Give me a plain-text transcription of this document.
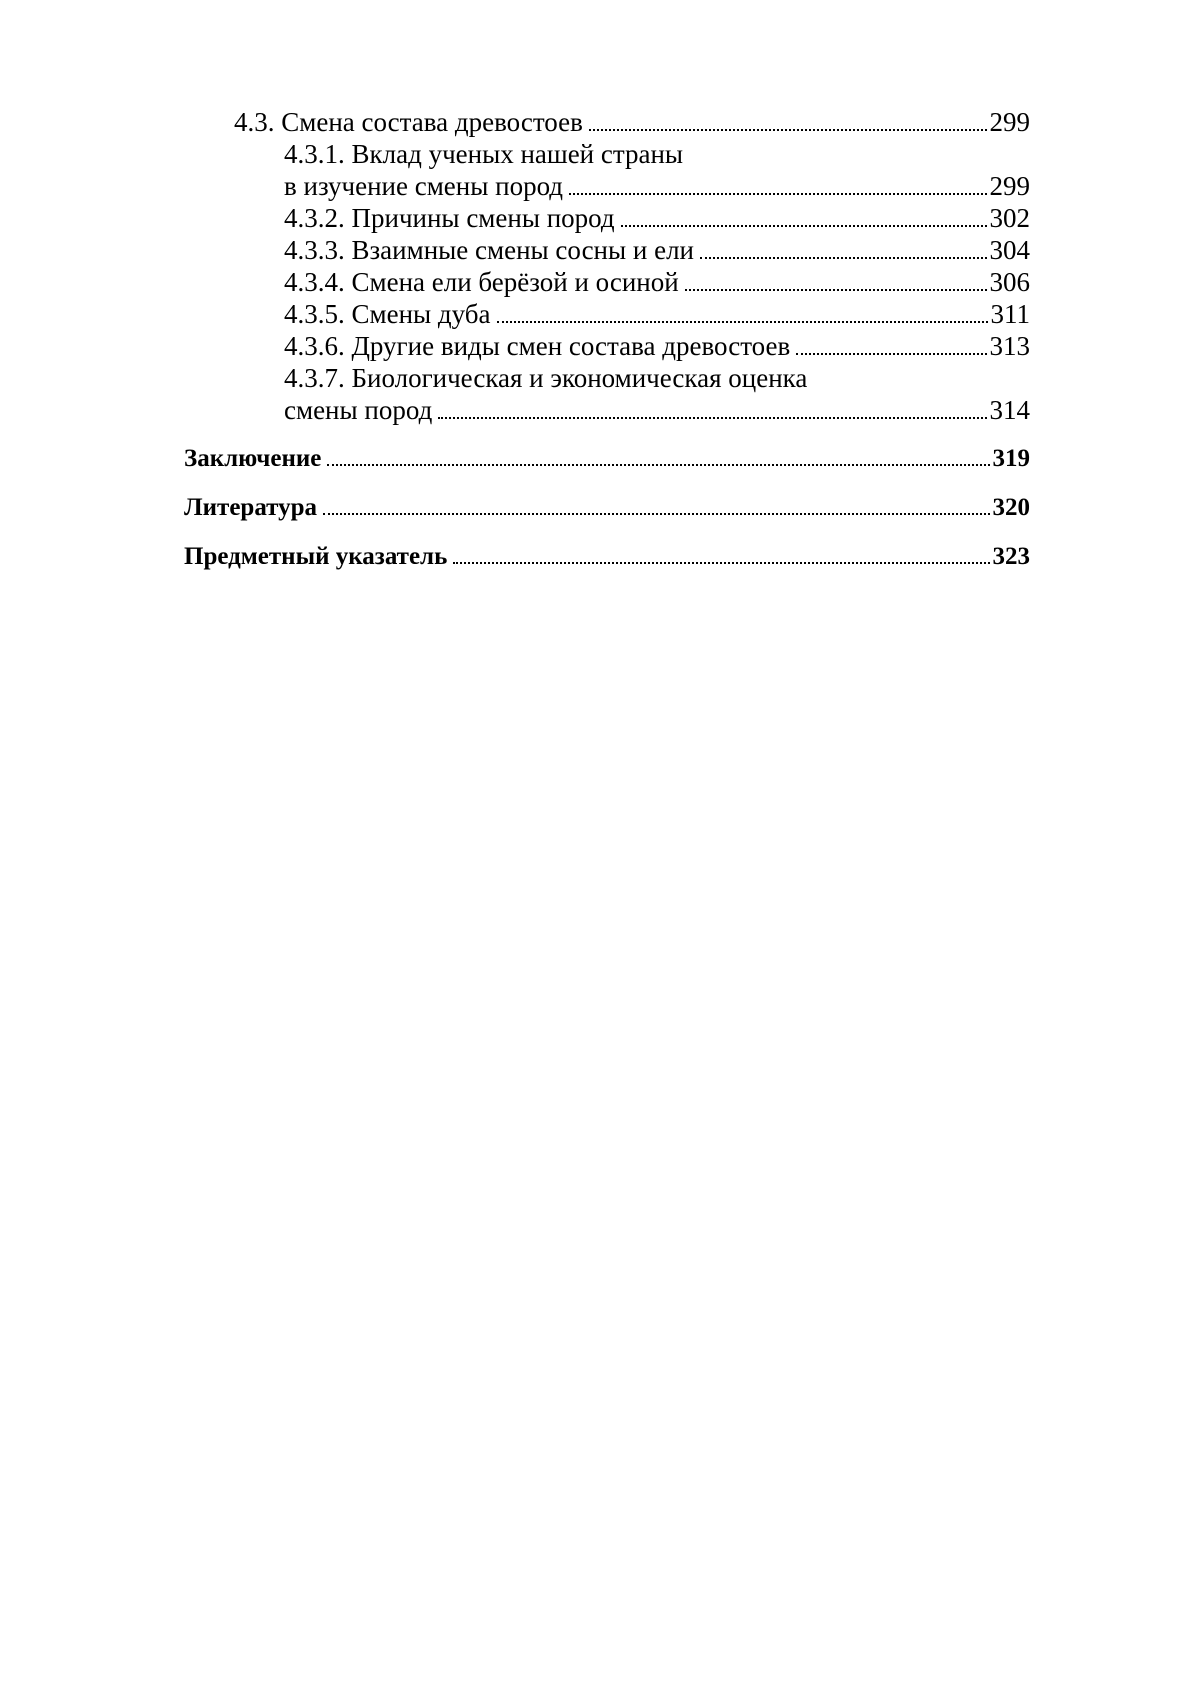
4.3. Смена состава древостоев	299
4.3.1. Вклад ученых нашей страны
в изучение смены пород	299
4.3.2. Причины смены пород	302
4.3.3. Взаимные смены сосны и ели	304
4.3.4. Смена ели берёзой и осиной	306
4.3.5. Смены дуба	311
4.3.6. Другие виды смен состава древостоев	313
4.3.7. Биологическая и экономическая оценка
смены пород	314
Заключение	319
Литература	320
Предметный указатель	323
